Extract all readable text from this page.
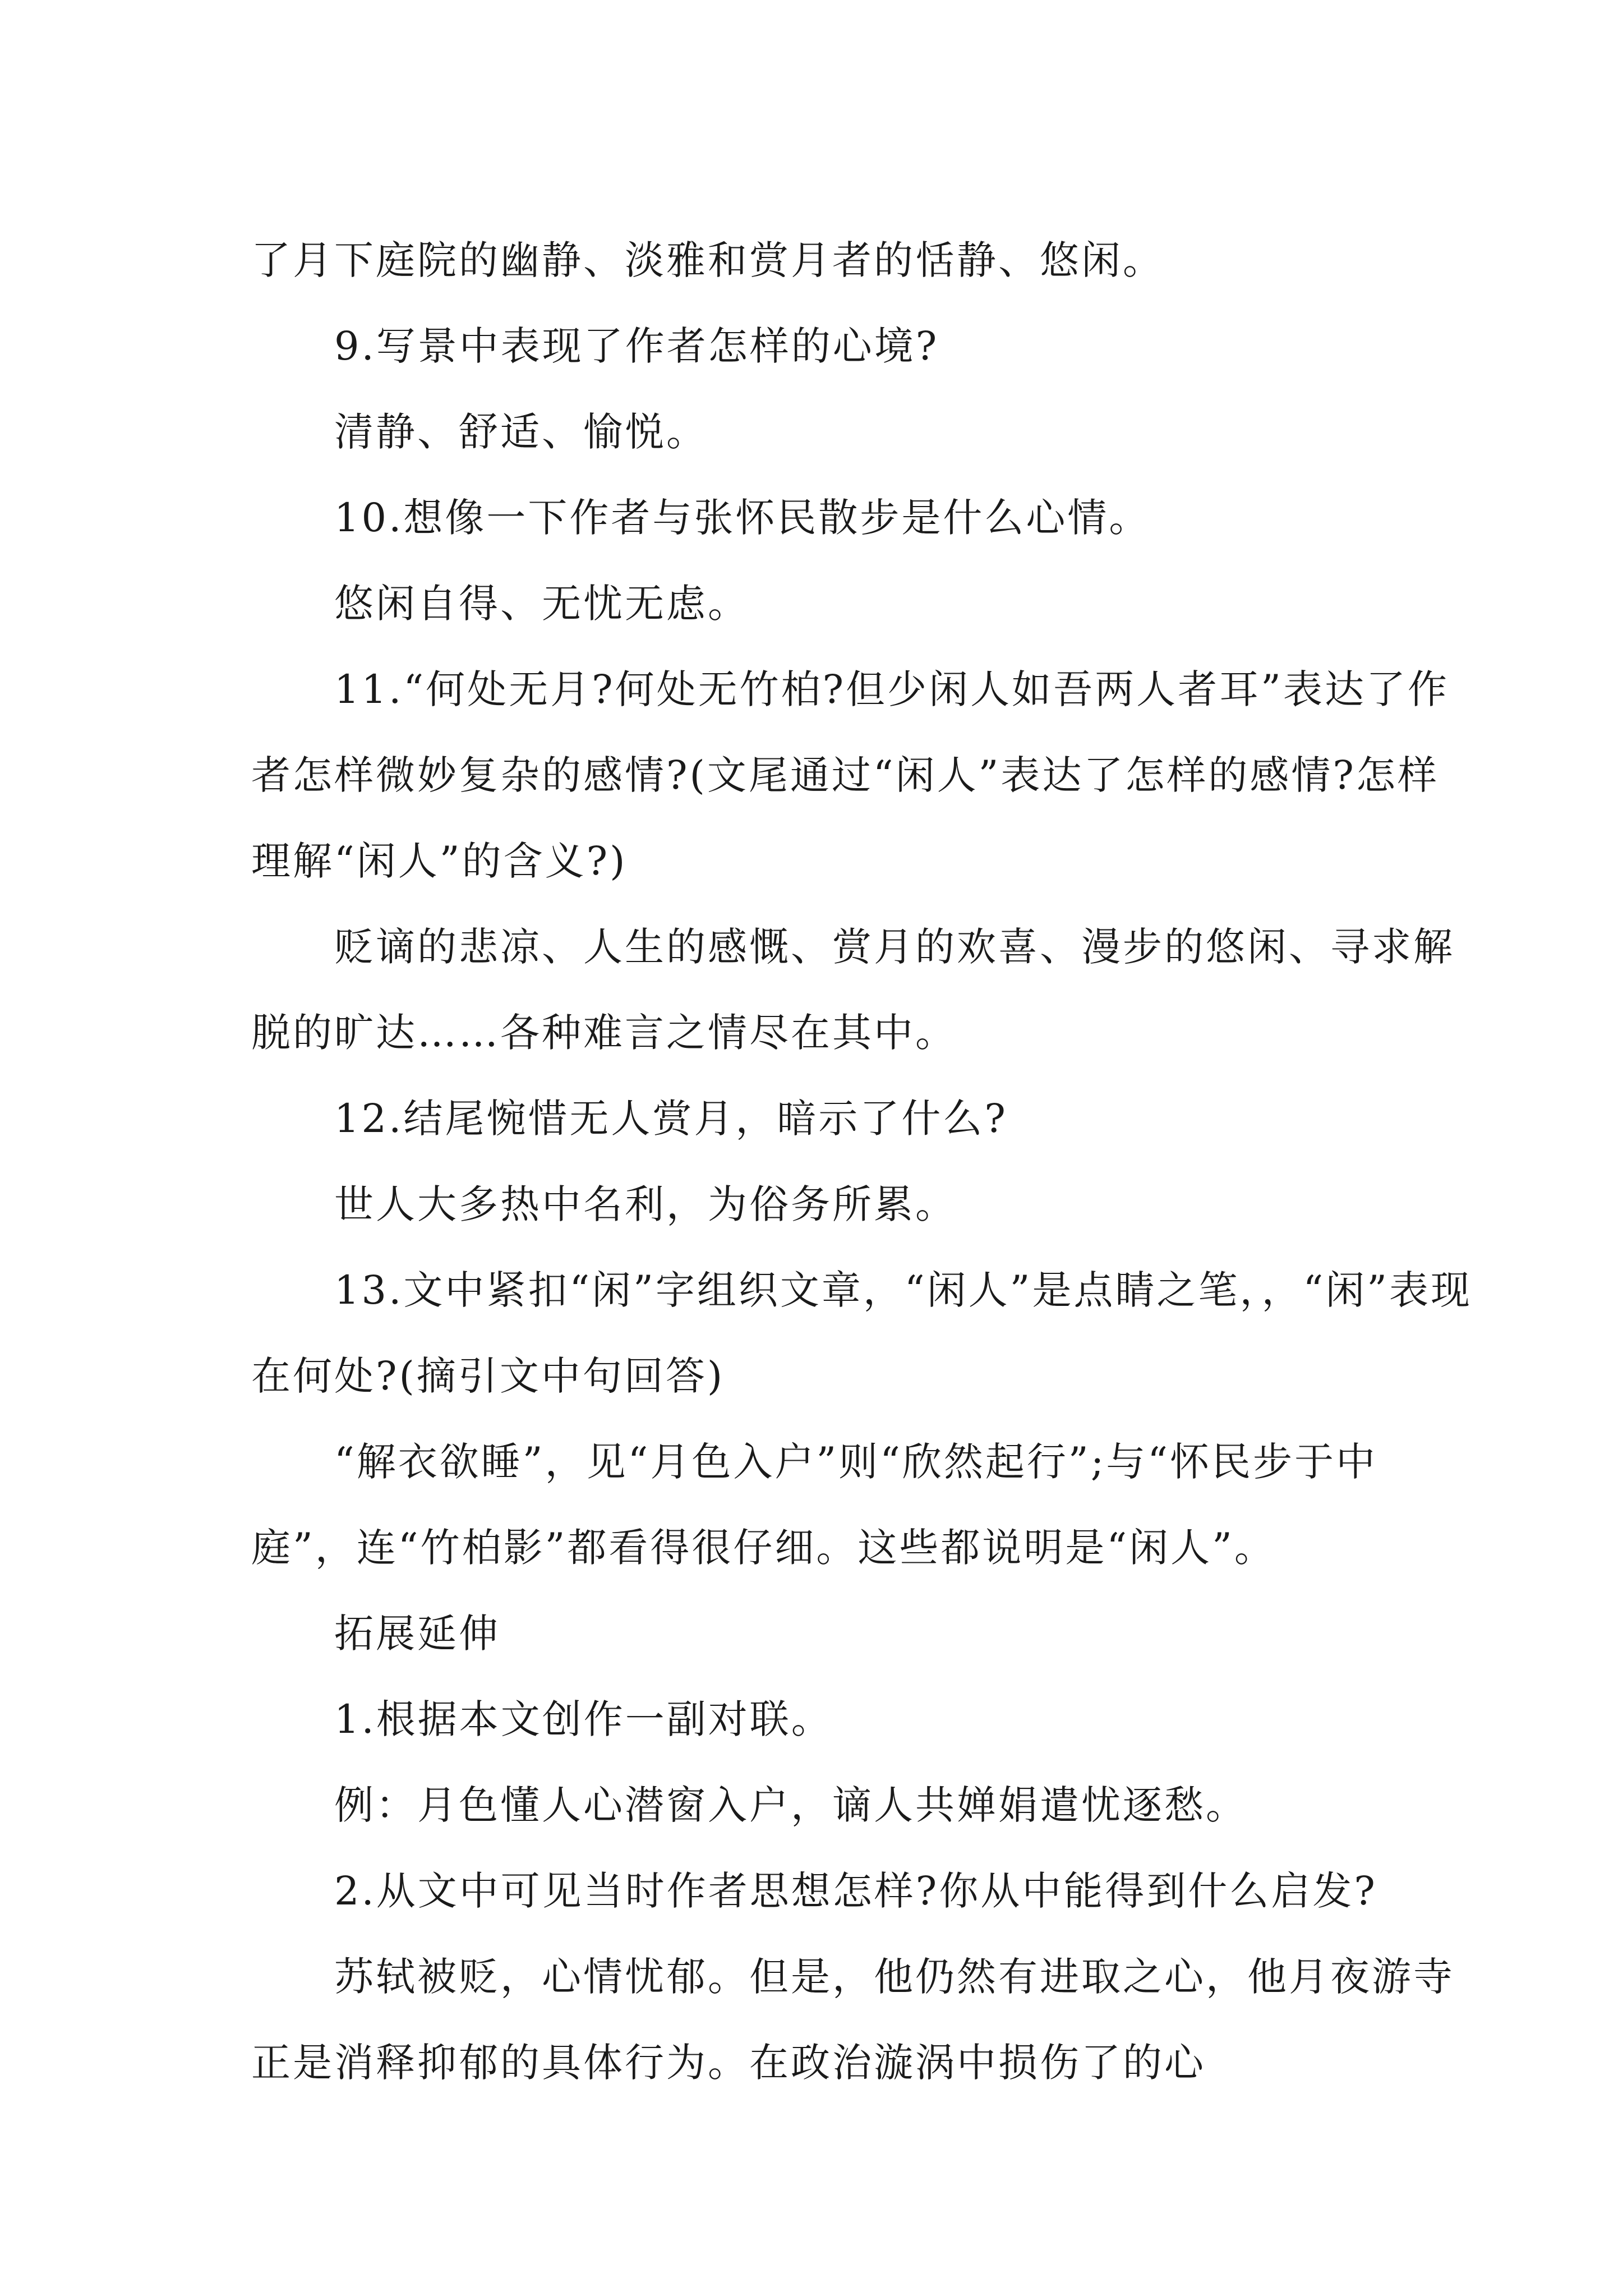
了月下庭院的幽静、淡雅和赏月者的恬静、悠闲。

9.写景中表现了作者怎样的心境?

清静、舒适、愉悦。

10.想像一下作者与张怀民散步是什么心情。

悠闲自得、无忧无虑。

11.“何处无月?何处无竹柏?但少闲人如吾两人者耳”表达了作者怎样微妙复杂的感情?(文尾通过“闲人”表达了怎样的感情?怎样理解“闲人”的含义?)

贬谪的悲凉、人生的感慨、赏月的欢喜、漫步的悠闲、寻求解脱的旷达……各种难言之情尽在其中。

12.结尾惋惜无人赏月，暗示了什么?

世人大多热中名利，为俗务所累。

13.文中紧扣“闲”字组织文章，“闲人”是点睛之笔，，“闲”表现在何处?(摘引文中句回答)

“解衣欲睡”，见“月色入户”则“欣然起行”;与“怀民步于中庭”，连“竹柏影”都看得很仔细。这些都说明是“闲人”。

拓展延伸

1.根据本文创作一副对联。

例：月色懂人心潜窗入户，谪人共婵娟遣忧逐愁。

2.从文中可见当时作者思想怎样?你从中能得到什么启发?

苏轼被贬，心情忧郁。但是，他仍然有进取之心，他月夜游寺正是消释抑郁的具体行为。在政治漩涡中损伤了的心
